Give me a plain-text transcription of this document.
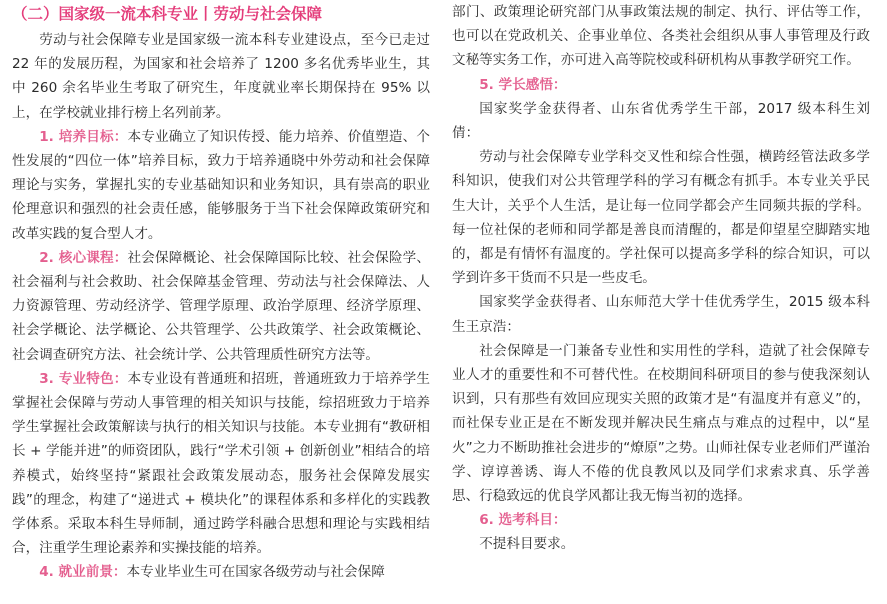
（二）国家级一流本科专业丨劳动与社会保障

劳动与社会保障专业是国家级一流本科专业建设点，至今已走过 22 年的发展历程，为国家和社会培养了 1200 多名优秀毕业生，其中 260 余名毕业生考取了研究生，年度就业率长期保持在 95% 以上，在学校就业排行榜上名列前茅。

1. 培养目标：本专业确立了知识传授、能力培养、价值塑造、个性发展的“四位一体”培养目标，致力于培养通晓中外劳动和社会保障理论与实务，掌握扎实的专业基础知识和业务知识，具有崇高的职业伦理意识和强烈的社会责任感，能够服务于当下社会保障政策研究和改革实践的复合型人才。

2. 核心课程：社会保障概论、社会保障国际比较、社会保险学、社会福利与社会救助、社会保障基金管理、劳动法与社会保障法、人力资源管理、劳动经济学、管理学原理、政治学原理、经济学原理、社会学概论、法学概论、公共管理学、公共政策学、社会政策概论、社会调查研究方法、社会统计学、公共管理质性研究方法等。

3. 专业特色：本专业设有普通班和招班，普通班致力于培养学生掌握社会保障与劳动人事管理的相关知识与技能，综招班致力于培养学生掌握社会政策解读与执行的相关知识与技能。本专业拥有“教研相长 + 学能并进”的师资团队，践行“学术引领 + 创新创业”相结合的培养模式，始终坚持“紧跟社会政策发展动态，服务社会保障发展实践”的理念，构建了“递进式 + 模块化”的课程体系和多样化的实践教学体系。采取本科生导师制，通过跨学科融合思想和理论与实践相结合，注重学生理论素养和实操技能的培养。

4. 就业前景：本专业毕业生可在国家各级劳动与社会保障

部门、政策理论研究部门从事政策法规的制定、执行、评估等工作，也可以在党政机关、企事业单位、各类社会组织从事人事管理及行政文秘等实务工作，亦可进入高等院校或科研机构从事教学研究工作。

5. 学长感悟：

国家奖学金获得者、山东省优秀学生干部，2017 级本科生刘倩：

劳动与社会保障专业学科交叉性和综合性强，横跨经管法政多学科知识，使我们对公共管理学科的学习有概念有抓手。本专业关乎民生大计，关乎个人生活，是让每一位同学都会产生同频共振的学科。每一位社保的老师和同学都是善良而清醒的，都是仰望星空脚踏实地的，都是有情怀有温度的。学社保可以提高多学科的综合知识，可以学到许多干货而不只是一些皮毛。

国家奖学金获得者、山东师范大学十佳优秀学生，2015 级本科生王京浩：

社会保障是一门兼备专业性和实用性的学科，造就了社会保障专业人才的重要性和不可替代性。在校期间科研项目的参与使我深刻认识到，只有那些有效回应现实关照的政策才是“有温度并有意义”的，而社保专业正是在不断发现并解决民生痛点与难点的过程中，以“星火”之力不断助推社会进步的“燎原”之势。山师社保专业老师们严谨治学、谆谆善诱、诲人不倦的优良教风以及同学们求索求真、乐学善思、行稳致远的优良学风都让我无悔当初的选择。

6. 选考科目：

不提科目要求。
